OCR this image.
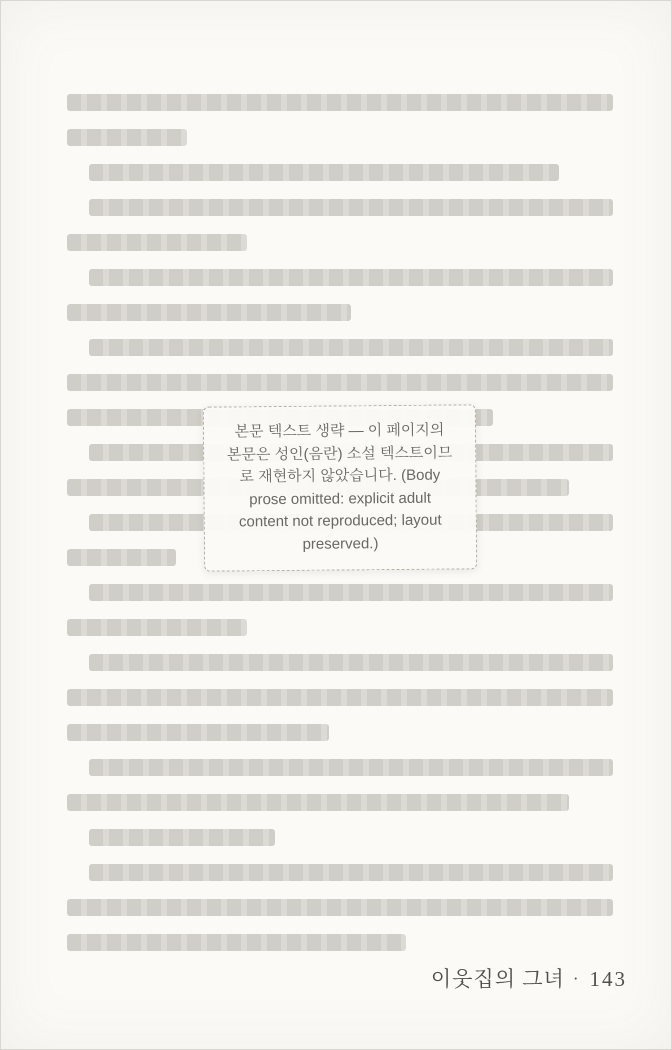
본문 텍스트 생략 — 이 페이지의 본문은 성인(음란) 소설 텍스트이므로 재현하지 않았습니다. (Body prose omitted: explicit adult content not reproduced; layout preserved.)
이웃집의 그녀 · 143
